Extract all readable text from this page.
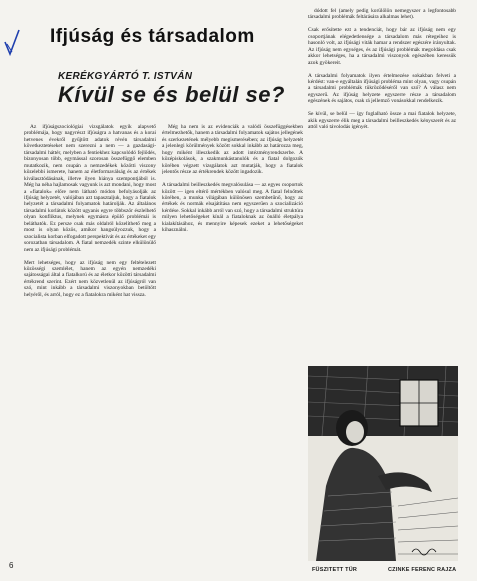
Ifjúság és társadalom
KERÉKGYÁRTÓ T. ISTVÁN
Kívül se és belül se?

Az ifjúságszociológiai vizsgálatok egyik alapvető problémája, hogy nagyrészt ifjúságra a hatvanas és a korai hetvenes évekről gyűjtött adatok révén társadalmi következtetéseket nem szerezni a nem — a gazdasági-társadalmi háttér, melyben a fentiekhez kapcsolódó fejlődés, bizonyosan több, egymással szorosan összefüggő elemben mutatkozik, nem csupán a nemzedékek közötti viszony közelebbi ismerete, hanem az életformaválság és az értékek kiválasztódásának, illetve ilyen hiánya szempontjából is. Még ha néha hajlamosak vagyunk is azt mondani, hogy most a »fiatalok« előre nem látható módon befolyásolják az ifjúság helyzetét, valójában azt tapasztaljuk, hogy a fiatalok helyzetét a társadalmi folyamatok határolják. Az általános társadalmi korlátok között ugyanis egyre többször észlelhető olyan konfliktus, melynek egymásra épülő problémái is beláthatók. Ez persze csak más oldalról közelíthető meg a most is olyan közös, amikor hangsúlyozzuk, hogy a szocialista korban elfogadott perspektívát és az értékeket egy sorozatban társadalom. A fiatal nemzedék szinte elkülönülő nem az ifjúsági problémát.

Mert lehetséges, hogy az ifjúság nem egy feltételezett közösségi szemlélet, hanem az egyén nemzedéki sajátosságai által a fiatalkorú és az életkor közötti társadalmi értékrend szerint. Ezért nem közvetlenül az ifjúságról van szó, mint inkább a társadalmi viszonyokban betöltött helyéről, és arról, hogy ez a fiatalokra miként hat vissza.

Még ha nem is az evidenciák a valódi összefüggésekben értelmezhetők, hanem a társadalmi folyamatok sajátos jellegének és szerkezetének mélyebb megismerésében; az ifjúság helyzetét a jelenlegi körülmények között sokkal inkább az határozza meg, hogy miként illeszkedik az adott intézményrendszerbe. A középiskolások, a szakmunkástanulók és a fiatal dolgozók körében végzett vizsgálatok azt mutatják, hogy a fiatalok jelentős része az értékrendek között ingadozik.

A társadalmi beilleszkedés megvalósulása — az egyes csoportok között — igen eltérő mértékben valósul meg. A fiatal felnőttek körében, a munka világában különösen szembetűnő, hogy az értékek és normák elsajátítása nem egyszerűen a szocializáció kérdése. Sokkal inkább arról van szó, hogy a társadalmi struktúra milyen lehetőségeket kínál a fiataloknak az önálló életpálya kialakításához, és mennyire képesek ezeket a lehetőségeket kihasználni.

dódott fel (amely pedig korülölön nemegyszer a legfontosabb társadalmi problémák feltárására alkalmas lehet).

Csak erősítette ezt a tendenciát, hogy bár az ifjúság nem egy csoportjának elégedetlensége a társadalom más rétegeihez is hasonló volt, az ifjúsági viták hamar a rendszer egészére irányultak. Az ifjúság nem egységes, és az ifjúsági problémák megoldása csak akkor lehetséges, ha a társadalmi viszonyok egészében keressük azok gyökereit.

A társadalmi folyamatok ilyen értelmezése sokakban felveti a kérdést: van-e egyáltalán ifjúsági probléma mint olyan, vagy csupán a társadalmi problémák tükröződéséről van szó? A válasz nem egyszerű. Az ifjúság helyzete egyszerre része a társadalom egészének és sajátos, csak rá jellemző vonásokkal rendelkezik.

Se kívül, se belül — így foglalható össze a mai fiatalok helyzete, akik egyszerre élik meg a társadalmi beilleszkedés kényszerét és az attól való távolodás igényét.

FÜSZITETT TÜR	CZINKE FERENC RAJZA
6
